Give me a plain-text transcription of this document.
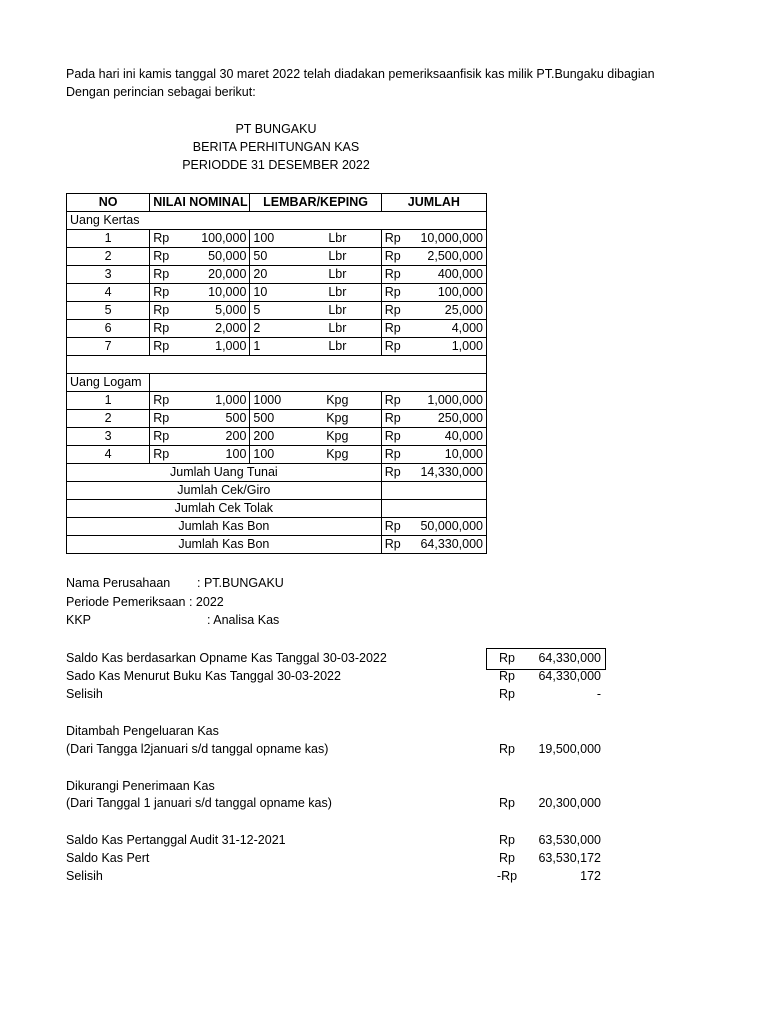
Pada hari ini kamis tanggal 30 maret 2022 telah diadakan pemeriksaanfisik kas milik PT.Bungaku dibagian
Dengan perincian sebagai berikut:
PT BUNGAKU
BERITA PERHITUNGAN KAS
PERIODDE 31 DESEMBER 2022
NO	NILAI NOMINAL		LEMBAR/KEPING		JUMLAH	
Uang Kertas						
1	Rp	100,000	100	Lbr	Rp	10,000,000
2	Rp	50,000	50	Lbr	Rp	2,500,000
3	Rp	20,000	20	Lbr	Rp	400,000
4	Rp	10,000	10	Lbr	Rp	100,000
5	Rp	5,000	5	Lbr	Rp	25,000
6	Rp	2,000	2	Lbr	Rp	4,000
7	Rp	1,000	1	Lbr	Rp	1,000

Uang Logam						
1	Rp	1,000	1000	Kpg	Rp	1,000,000
2	Rp	500	500	Kpg	Rp	250,000
3	Rp	200	200	Kpg	Rp	40,000
4	Rp	100	100	Kpg	Rp	10,000
Jumlah Uang Tunai					Rp	14,330,000
Jumlah Cek/Giro						
Jumlah Cek Tolak						
Jumlah Kas Bon					Rp	50,000,000
Jumlah Kas Bon					Rp	64,330,000
Nama Perusahaan : PT.BUNGAKU
Periode Pemeriksaan : 2022
KKP	: Analisa Kas
Saldo Kas berdasarkan Opname Kas Tanggal 30-03-2022	Rp	64,330,000
Sado Kas Menurut Buku Kas Tanggal 30-03-2022	Rp	64,330,000
Selisih	Rp	-
Ditambah Pengeluaran Kas
(Dari Tangga l2januari s/d tanggal opname kas)	Rp	19,500,000
Dikurangi Penerimaan Kas
(Dari Tanggal 1 januari s/d tanggal opname kas)	Rp	20,300,000
Saldo Kas Pertanggal Audit 31-12-2021	Rp	63,530,000
Saldo Kas Pert	Rp	63,530,172
Selisih	-Rp	172
